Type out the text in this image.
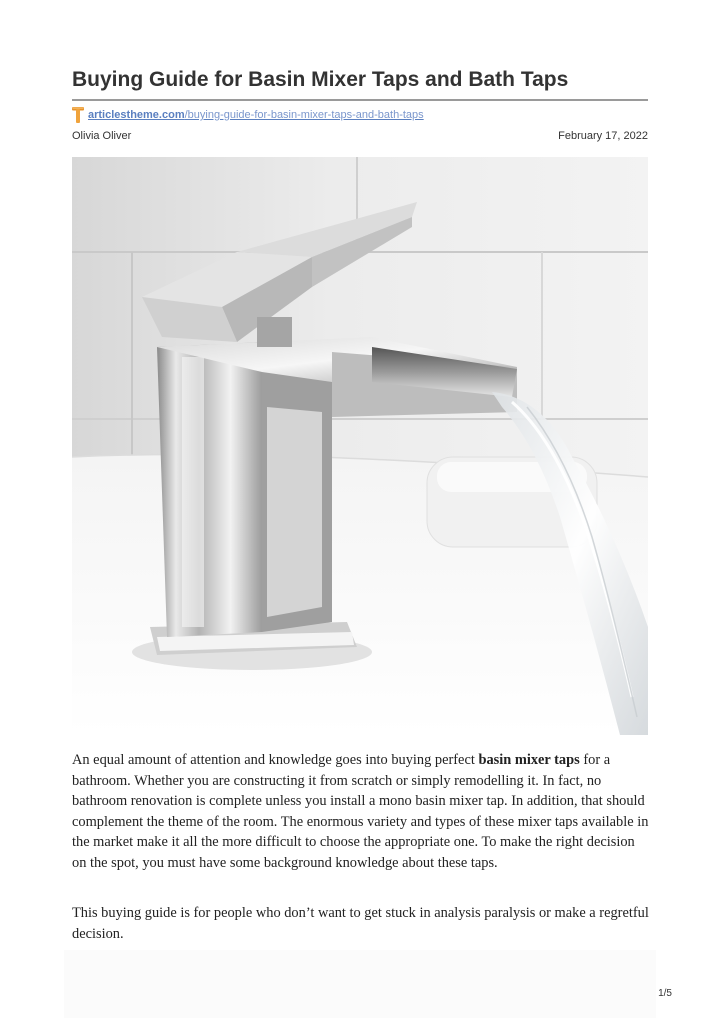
Buying Guide for Basin Mixer Taps and Bath Taps
articlestheme.com/buying-guide-for-basin-mixer-taps-and-bath-taps
Olivia Oliver	February 17, 2022

An equal amount of attention and knowledge goes into buying perfect basin mixer taps for a bathroom. Whether you are constructing it from scratch or simply remodelling it. In fact, no bathroom renovation is complete unless you install a mono basin mixer tap. In addition, that should complement the theme of the room. The enormous variety and types of these mixer taps available in the market make it all the more difficult to choose the appropriate one. To make the right decision on the spot, you must have some background knowledge about these taps.

This buying guide is for people who don’t want to get stuck in analysis paralysis or make a regretful decision.

1/5
